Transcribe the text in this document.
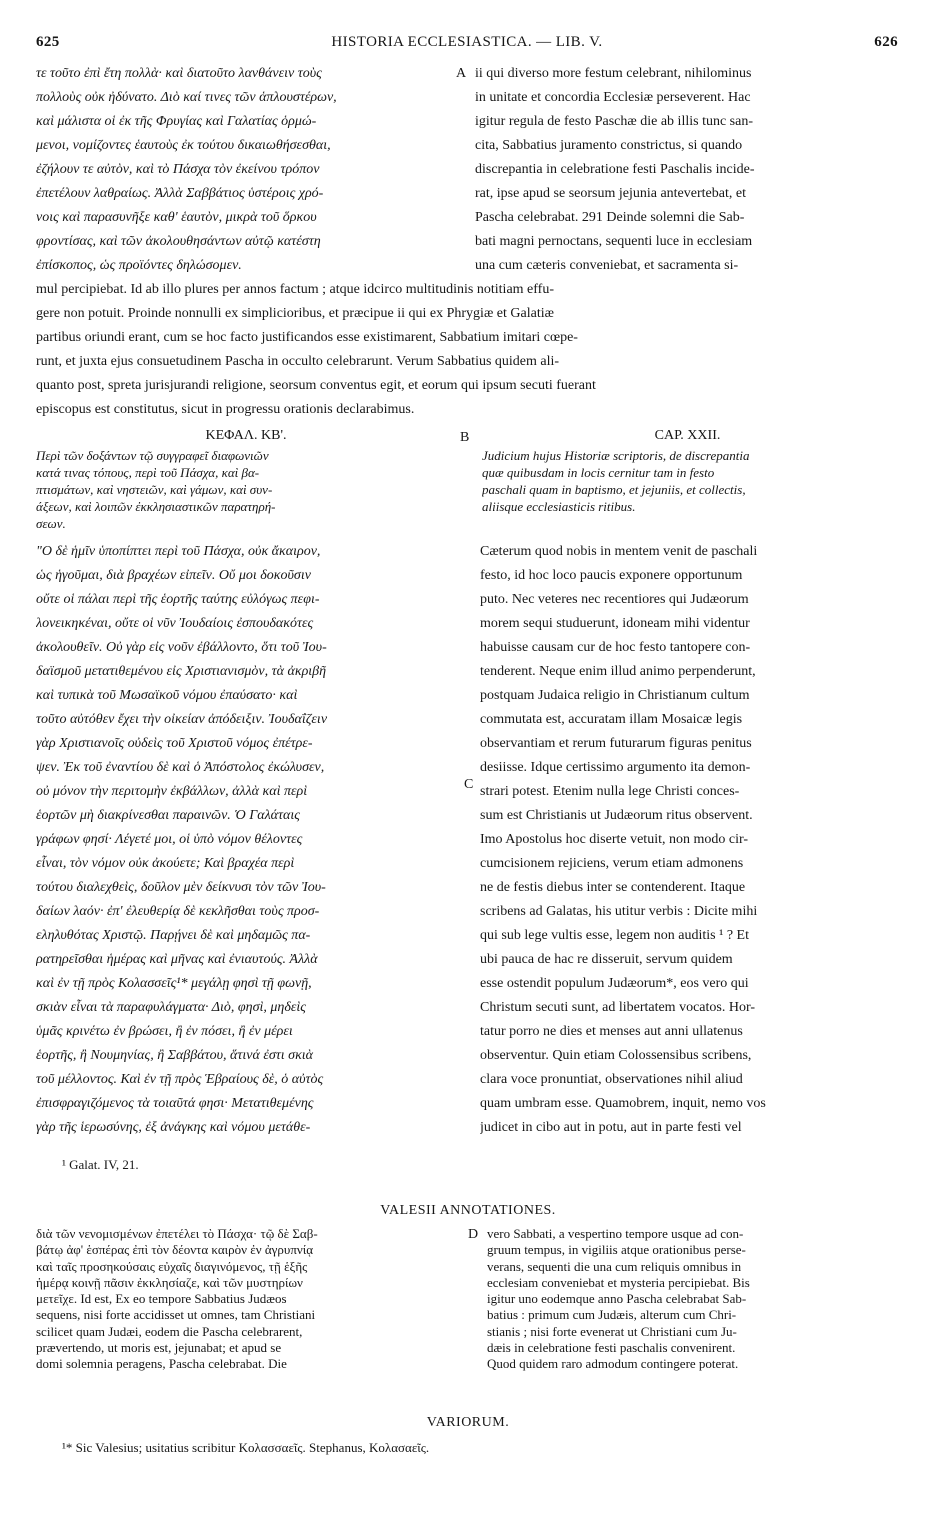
625	HISTORIA ECCLESIASTICA. — LIB. V.	626
τε τοῦτο ἐπὶ ἔτη πολλὰ· καὶ διατοῦτο λανθάνειν τοὺς
πολλοὺς οὐκ ἠδύνατο. Διὸ καί τινες τῶν ἁπλουστέρων,
καὶ μάλιστα οἱ ἐκ τῆς Φρυγίας καὶ Γαλατίας ὁρμώ-
μενοι, νομίζοντες ἑαυτοὺς ἐκ τούτου δικαιωθήσεσθαι,
ἐζήλουν τε αὐτὸν, καὶ τὸ Πάσχα τὸν ἐκείνου τρόπον
ἐπετέλουν λαθραίως. Ἀλλὰ Σαββάτιος ὑστέροις χρό-
νοις καὶ παρασυνῆξε καθ' ἑαυτὸν, μικρὰ τοῦ ὅρκου
φροντίσας, καὶ τῶν ἀκολουθησάντων αὐτῷ κατέστη
ἐπίσκοπος, ὡς προϊόντες δηλώσομεν.
A ii qui diverso more festum celebrant, nihilominus
in unitate et concordia Ecclesiæ perseverent. Hac
igitur regula de festo Paschæ die ab illis tunc san-
cita, Sabbatius juramento constrictus, si quando
discrepantia in celebratione festi Paschalis incide-
rat, ipse apud se seorsum jejunia antevertebat, et
Pascha celebrabat. 291 Deinde solemni die Sab-
bati magni pernoctans, sequenti luce in ecclesiam
una cum cæteris conveniebat, et sacramenta si-
mul percipiebat. Id ab illo plures per annos factum ; atque idcirco multitudinis notitiam effu-
gere non potuit. Proinde nonnulli ex simplicioribus, et præcipue ii qui ex Phrygiæ et Galatiæ
partibus oriundi erant, cum se hoc facto justificandos esse existimarent, Sabbatium imitari cœpe-
runt, et juxta ejus consuetudinem Pascha in occulto celebrarunt. Verum Sabbatius quidem ali-
quanto post, spreta jurisjurandi religione, seorsum conventus egit, et eorum qui ipsum secuti fuerant
episcopus est constitutus, sicut in progressu orationis declarabimus.
ΚΕΦΑΛ. ΚΒ'.	B	CAP. XXII.
Περὶ τῶν δοξάντων τῷ συγγραφεῖ διαφωνιῶν
κατά τινας τόπους, περὶ τοῦ Πάσχα, καὶ βα-
πτισμάτων, καὶ νηστειῶν, καὶ γάμων, καὶ συν-
άξεων, καὶ λοιπῶν ἐκκλησιαστικῶν παρατηρή-
σεων.
Judicium hujus Historiæ scriptoris, de discrepantia
quæ quibusdam in locis cernitur tam in festo
paschali quam in baptismo, et jejuniis, et collectis,
aliisque ecclesiasticis ritibus.
"Ο δὲ ἡμῖν ὑποπίπτει περὶ τοῦ Πάσχα, οὐκ ἄκαιρον,
ὡς ἡγοῦμαι, διὰ βραχέων εἰπεῖν. Οὔ μοι δοκοῦσιν
οὔτε οἱ πάλαι περὶ τῆς ἑορτῆς ταύτης εὐλόγως πεφι-
λονεικηκέναι, οὔτε οἱ νῦν Ἰουδαίοις ἐσπουδακότες
ἀκολουθεῖν. Οὐ γὰρ εἰς νοῦν ἐβάλλοντο, ὅτι τοῦ Ἰου-
δαϊσμοῦ μετατιθεμένου εἰς Χριστιανισμὸν, τὰ ἀκριβῆ
καὶ τυπικὰ τοῦ Μωσαϊκοῦ νόμου ἐπαύσατο· καὶ
τοῦτο αὐτόθεν ἔχει τὴν οἰκείαν ἀπόδειξιν. Ἰουδαΐζειν
γὰρ Χριστιανοῖς οὐδεὶς τοῦ Χριστοῦ νόμος ἐπέτρε-
ψεν. Ἐκ τοῦ ἐναντίου δὲ καὶ ὁ Ἀπόστολος ἐκώλυσεν,
οὐ μόνον τὴν περιτομὴν ἐκβάλλων, ἀλλὰ καὶ περὶ
ἑορτῶν μὴ διακρίνεσθαι παραινῶν. Ὁ Γαλάταις
γράφων φησί· Λέγετέ μοι, οἱ ὑπὸ νόμον θέλοντες
εἶναι, τὸν νόμον οὐκ ἀκούετε; Καὶ βραχέα περὶ
τούτου διαλεχθεὶς, δοῦλον μὲν δείκνυσι τὸν τῶν Ἰου-
δαίων λαόν· ἐπ' ἐλευθερίᾳ δὲ κεκλῆσθαι τοὺς προσ-
εληλυθότας Χριστῷ. Παρῄνει δὲ καὶ μηδαμῶς πα-
ρατηρεῖσθαι ἡμέρας καὶ μῆνας καὶ ἐνιαυτούς. Ἀλλὰ
καὶ ἐν τῇ πρὸς Κολασσεῖς¹* μεγάλῃ φησὶ τῇ φωνῇ,
σκιὰν εἶναι τὰ παραφυλάγματα· Διὸ, φησὶ, μηδεὶς
ὑμᾶς κρινέτω ἐν βρώσει, ἢ ἐν πόσει, ἢ ἐν μέρει
ἑορτῆς, ἢ Νουμηνίας, ἢ Σαββάτου, ἅτινά ἐστι σκιὰ
τοῦ μέλλοντος. Καὶ ἐν τῇ πρὸς Ἑβραίους δὲ, ὁ αὐτὸς
ἐπισφραγιζόμενος τὰ τοιαῦτά φησι· Μετατιθεμένης
γὰρ τῆς ἱερωσύνης, ἐξ ἀνάγκης καὶ νόμου μετάθε-
C
Cæterum quod nobis in mentem venit de paschali
festo, id hoc loco paucis exponere opportunum
puto. Nec veteres nec recentiores qui Judæorum
morem sequi studuerunt, idoneam mihi videntur
habuisse causam cur de hoc festo tantopere con-
tenderent. Neque enim illud animo perpenderunt,
postquam Judaica religio in Christianum cultum
commutata est, accuratam illam Mosaicæ legis
observantiam et rerum futurarum figuras penitus
desiisse. Idque certissimo argumento ita demon-
strari potest. Etenim nulla lege Christi conces-
sum est Christianis ut Judæorum ritus observent.
Imo Apostolus hoc diserte vetuit, non modo cir-
cumcisionem rejiciens, verum etiam admonens
ne de festis diebus inter se contenderent. Itaque
scribens ad Galatas, his utitur verbis : Dicite mihi
qui sub lege vultis esse, legem non auditis ¹ ? Et
ubi pauca de hac re disseruit, servum quidem
esse ostendit populum Judæorum*, eos vero qui
Christum secuti sunt, ad libertatem vocatos. Hor-
tatur porro ne dies et menses aut anni ullatenus
observentur. Quin etiam Colossensibus scribens,
clara voce pronuntiat, observationes nihil aliud
quam umbram esse. Quamobrem, inquit, nemo vos
judicet in cibo aut in potu, aut in parte festi vel
¹ Galat. IV, 21.
VALESII ANNOTATIONES.
διὰ τῶν νενομισμένων ἐπετέλει τὸ Πάσχα· τῷ δὲ Σαβ-
βάτῳ ἀφ' ἑσπέρας ἐπὶ τὸν δέοντα καιρὸν ἐν ἀγρυπνίᾳ
καὶ ταῖς προσηκούσαις εὐχαῖς διαγινόμενος, τῇ ἑξῆς
ἡμέρᾳ κοινῇ πᾶσιν ἐκκλησίαζε, καὶ τῶν μυστηρίων
μετεῖχε. Id est, Ex eo tempore Sabbatius Judæos
sequens, nisi forte accidisset ut omnes, tam Christiani
scilicet quam Judæi, eodem die Pascha celebrarent,
prævertendo, ut moris est, jejunabat; et apud se
domi solemnia peragens, Pascha celebrabat. Die
D vero Sabbati, a vespertino tempore usque ad con-
gruum tempus, in vigiliis atque orationibus perse-
verans, sequenti die una cum reliquis omnibus in
ecclesiam conveniebat et mysteria percipiebat. Bis
igitur uno eodemque anno Pascha celebrabat Sab-
batius : primum cum Judæis, alterum cum Chri-
stianis ; nisi forte evenerat ut Christiani cum Ju-
dæis in celebratione festi paschalis convenirent.
Quod quidem raro admodum contingere poterat.
VARIORUM.
¹* Sic Valesius; usitatius scribitur Κολασσαεῖς. Stephanus, Κολασαεῖς.
